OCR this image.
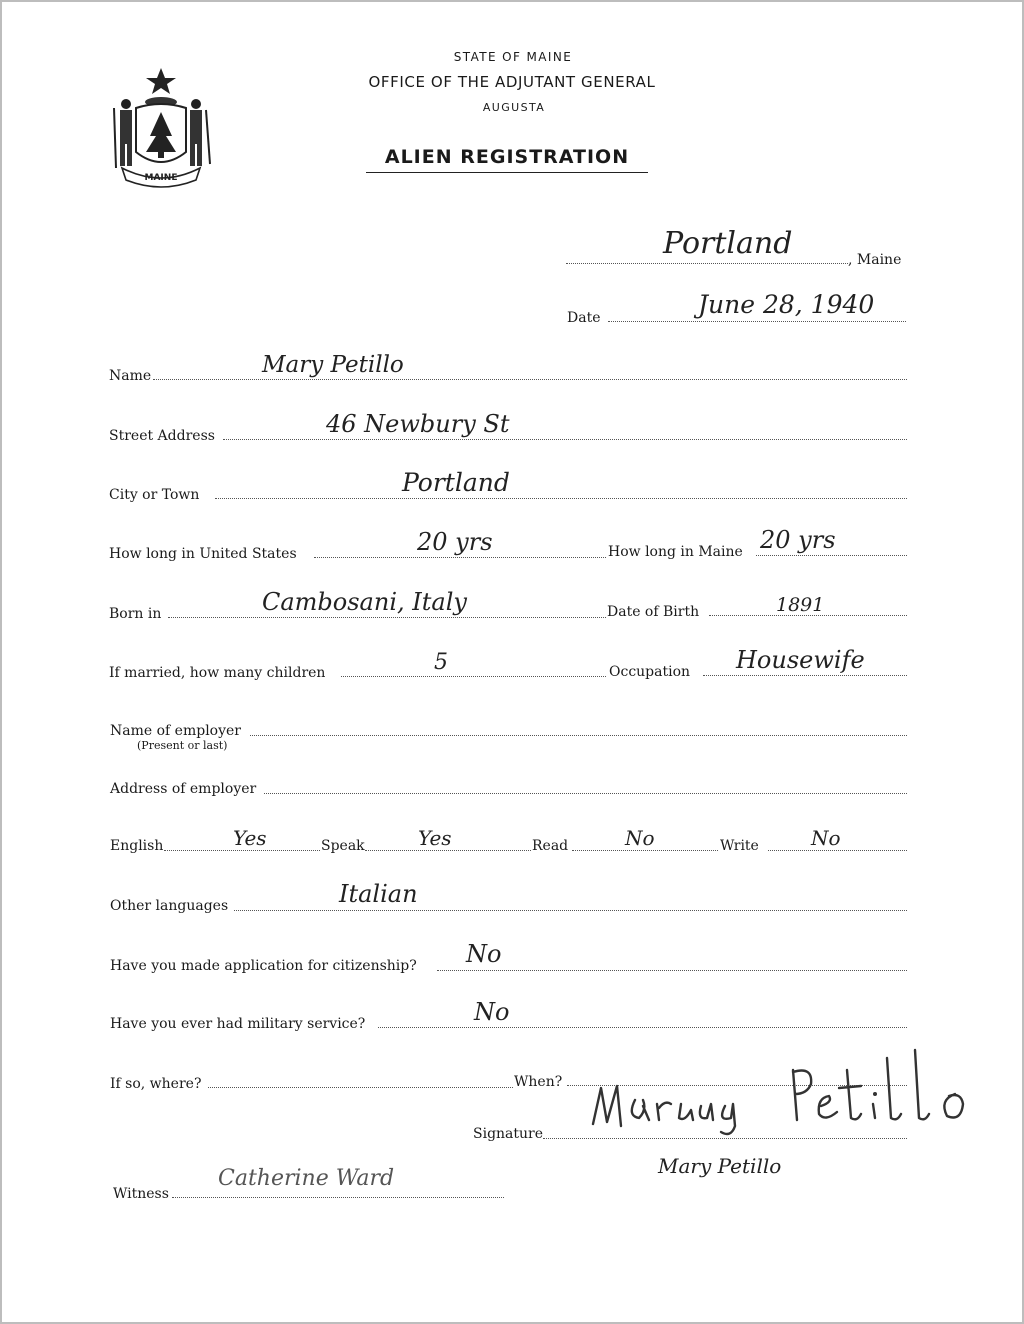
MAINE
STATE OF MAINE
OFFICE OF THE ADJUTANT GENERAL
AUGUSTA
ALIEN REGISTRATION
Portland	, Maine
Date	June 28, 1940
Name	Mary Petillo
Street Address	46 Newbury St
City or Town	Portland
How long in United States	20 yrs	How long in Maine 20 yrs
Born in	Cambosani, Italy	Date of Birth	1891
If married, how many children	5	Occupation Housewife
Name of employer
(Present or last)
Address of employer
English	Yes	Speak	Yes	Read	No	Write	No
Other languages	Italian
Have you made application for citizenship? No
Have you ever had military service?	No
If so, where?	When?
Signature
Mary Petillo
Witness
Catherine Ward
